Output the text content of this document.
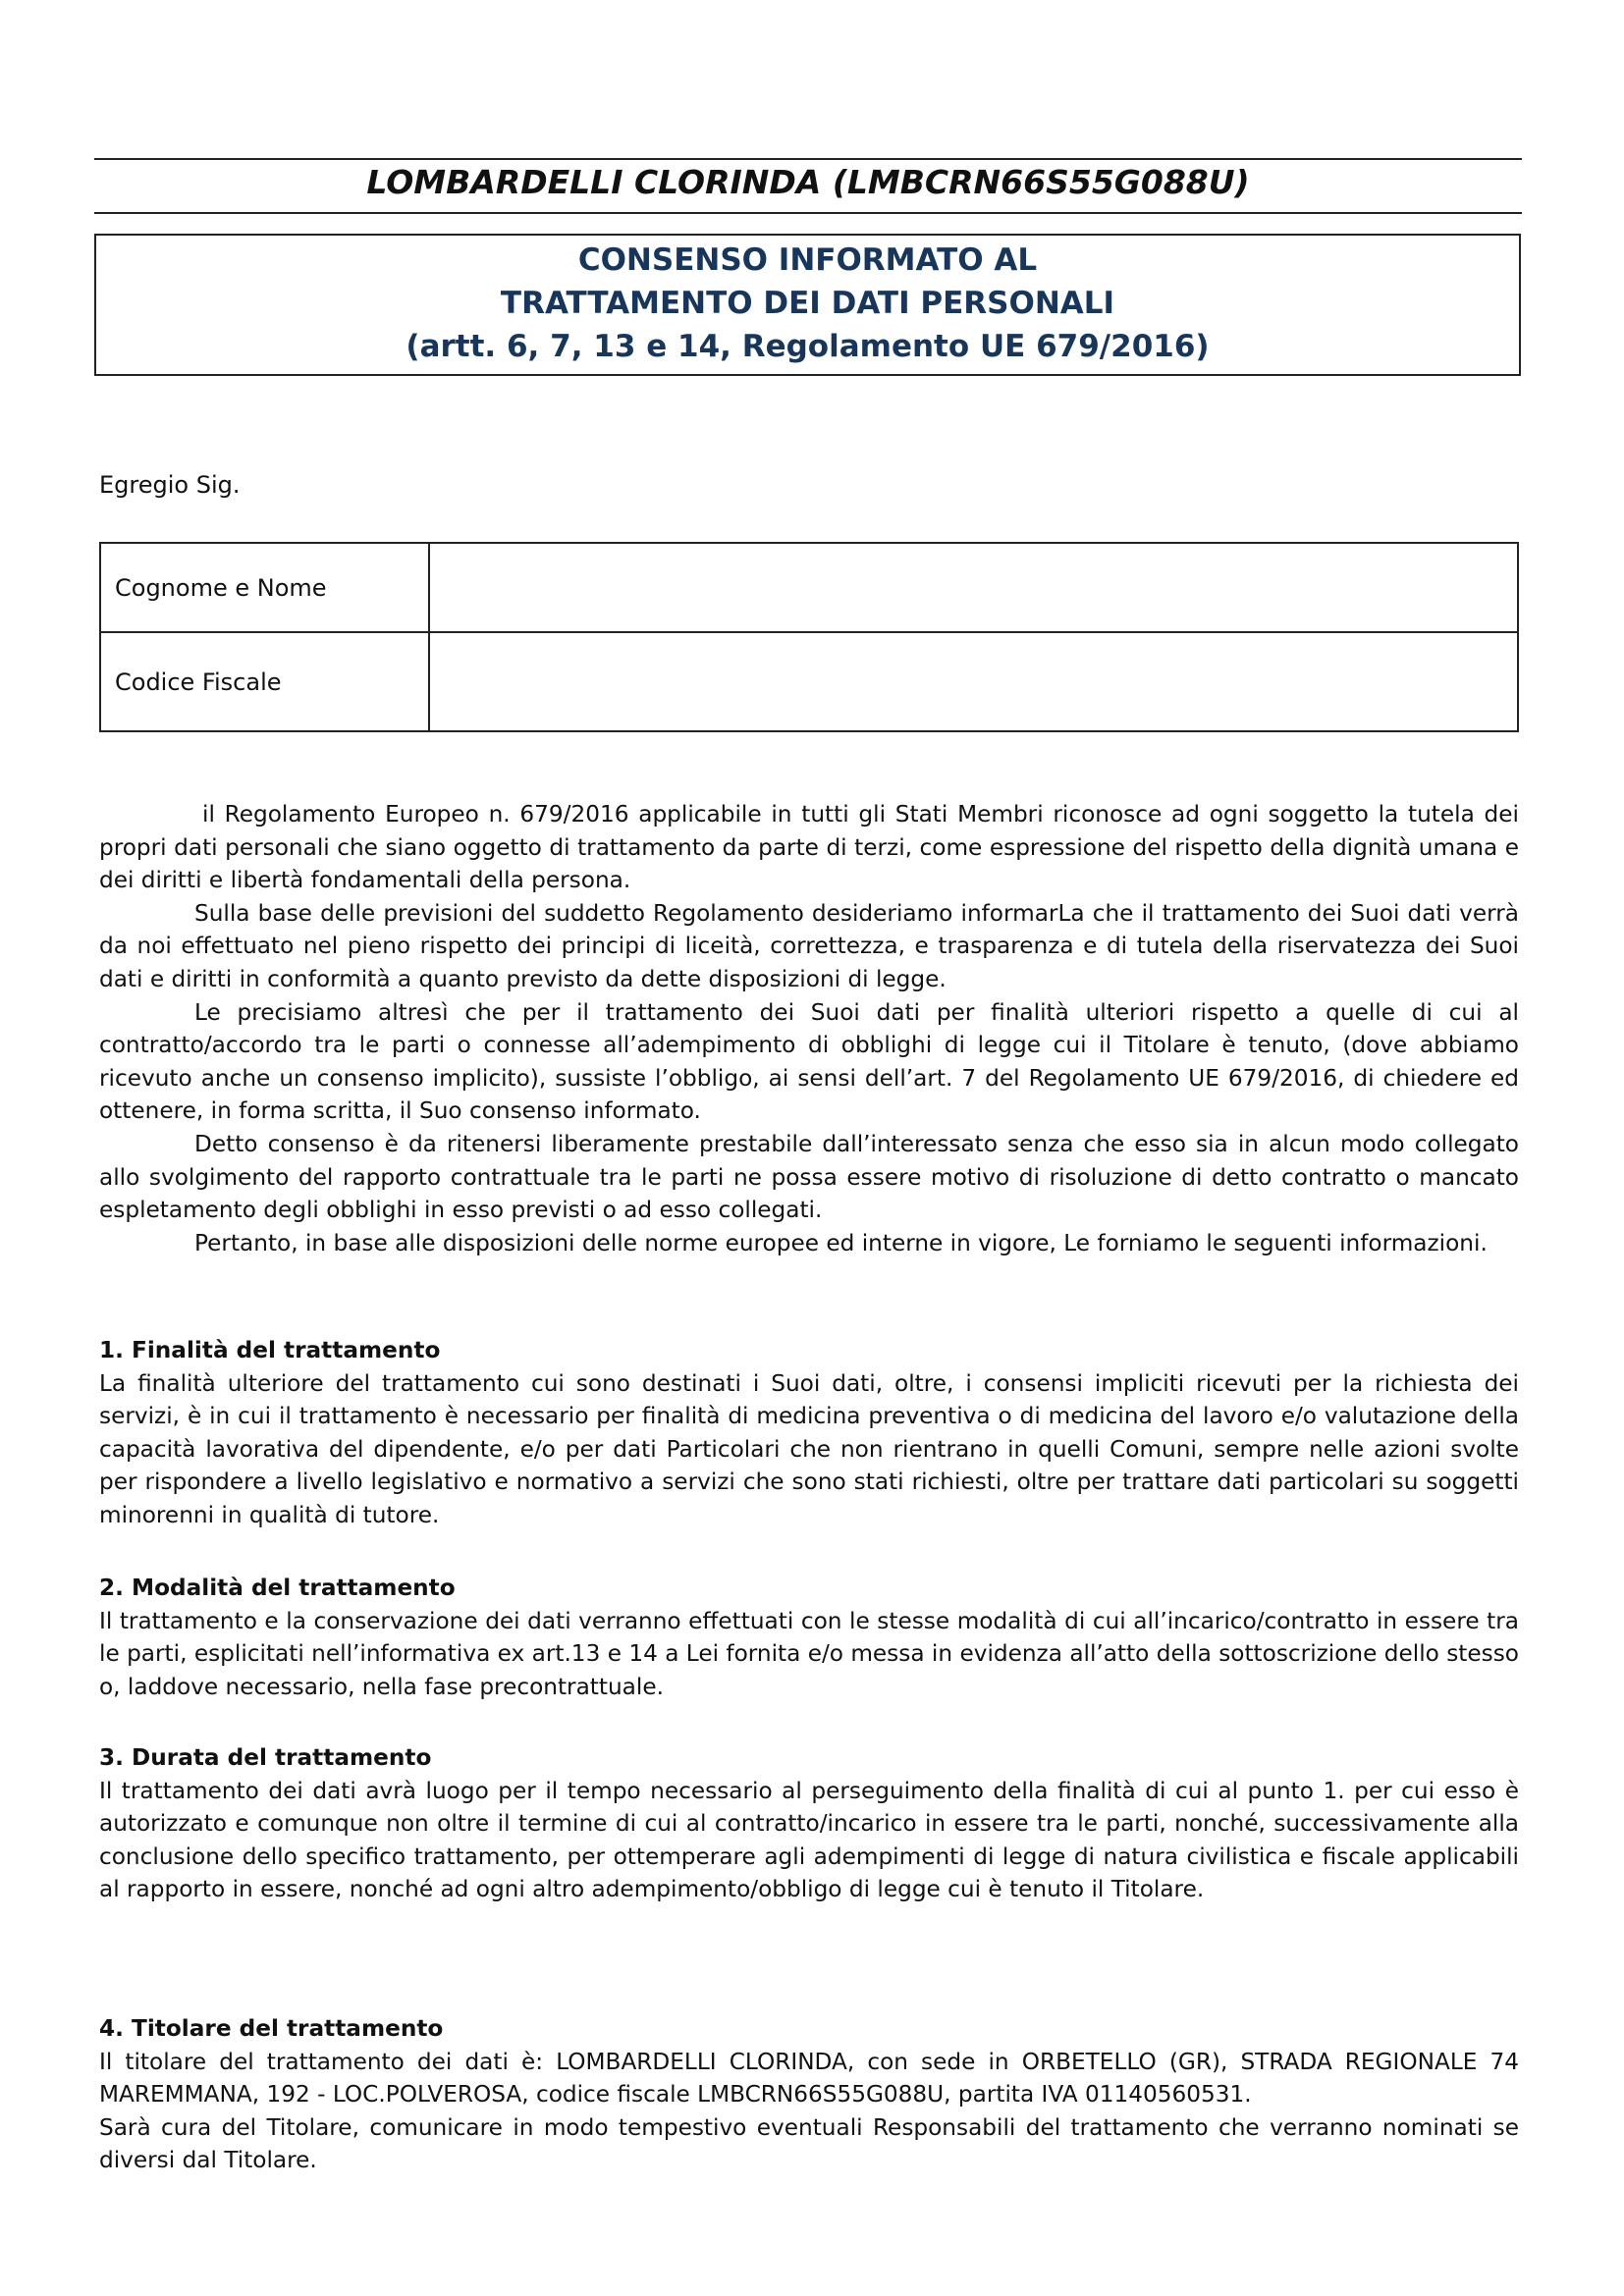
LOMBARDELLI CLORINDA (LMBCRN66S55G088U)
CONSENSO INFORMATO AL
TRATTAMENTO DEI DATI PERSONALI
(artt. 6, 7, 13 e 14, Regolamento UE 679/2016)
Egregio Sig.
Cognome e Nome	
Codice Fiscale	

il Regolamento Europeo n. 679/2016 applicabile in tutti gli Stati Membri riconosce ad ogni soggetto la tutela dei propri dati personali che siano oggetto di trattamento da parte di terzi, come espressione del rispetto della dignità umana e dei diritti e libertà fondamentali della persona.

Sulla base delle previsioni del suddetto Regolamento desideriamo informarLa che il trattamento dei Suoi dati verrà da noi effettuato nel pieno rispetto dei principi di liceità, correttezza, e trasparenza e di tutela della riservatezza dei Suoi dati e diritti in conformità a quanto previsto da dette disposizioni di legge.

Le precisiamo altresì che per il trattamento dei Suoi dati per finalità ulteriori rispetto a quelle di cui al contratto/accordo tra le parti o connesse all’adempimento di obblighi di legge cui il Titolare è tenuto, (dove abbiamo ricevuto anche un consenso implicito), sussiste l’obbligo, ai sensi dell’art. 7 del Regolamento UE 679/2016, di chiedere ed ottenere, in forma scritta, il Suo consenso informato.

Detto consenso è da ritenersi liberamente prestabile dall’interessato senza che esso sia in alcun modo collegato allo svolgimento del rapporto contrattuale tra le parti ne possa essere motivo di risoluzione di detto contratto o mancato espletamento degli obblighi in esso previsti o ad esso collegati.

Pertanto, in base alle disposizioni delle norme europee ed interne in vigore, Le forniamo le seguenti informazioni.

1. Finalità del trattamento

La finalità ulteriore del trattamento cui sono destinati i Suoi dati, oltre, i consensi impliciti ricevuti per la richiesta dei servizi, è in cui il trattamento è necessario per finalità di medicina preventiva o di medicina del lavoro e/o valutazione della capacità lavorativa del dipendente, e/o per dati Particolari che non rientrano in quelli Comuni, sempre nelle azioni svolte per rispondere a livello legislativo e normativo a servizi che sono stati richiesti, oltre per trattare dati particolari su soggetti minorenni in qualità di tutore.

2. Modalità del trattamento

Il trattamento e la conservazione dei dati verranno effettuati con le stesse modalità di cui all’incarico/contratto in essere tra le parti, esplicitati nell’informativa ex art.13 e 14 a Lei fornita e/o messa in evidenza all’atto della sottoscrizione dello stesso o, laddove necessario, nella fase precontrattuale.

3. Durata del trattamento

Il trattamento dei dati avrà luogo per il tempo necessario al perseguimento della finalità di cui al punto 1. per cui esso è autorizzato e comunque non oltre il termine di cui al contratto/incarico in essere tra le parti, nonché, successivamente alla conclusione dello specifico trattamento, per ottemperare agli adempimenti di legge di natura civilistica e fiscale applicabili al rapporto in essere, nonché ad ogni altro adempimento/obbligo di legge cui è tenuto il Titolare.

4. Titolare del trattamento

Il titolare del trattamento dei dati è: LOMBARDELLI CLORINDA, con sede in ORBETELLO (GR), STRADA REGIONALE 74 MAREMMANA, 192 - LOC.POLVEROSA, codice fiscale LMBCRN66S55G088U, partita IVA 01140560531.

Sarà cura del Titolare, comunicare in modo tempestivo eventuali Responsabili del trattamento che verranno nominati se diversi dal Titolare.
